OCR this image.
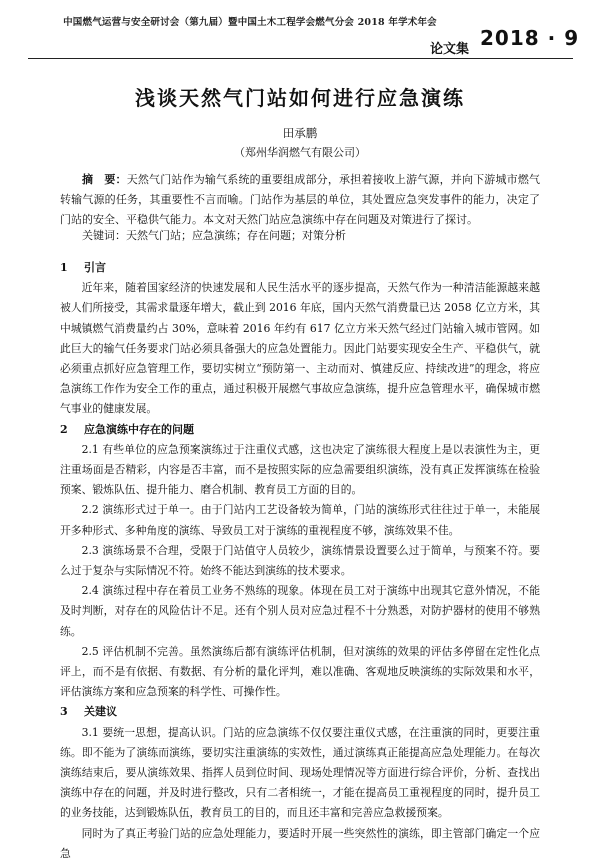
中国燃气运营与安全研讨会（第九届）暨中国土木工程学会燃气分会 2018 年学术年会
2018 · 9
论文集
浅谈天然气门站如何进行应急演练
田承鹏
（郑州华润燃气有限公司）
摘　要：天然气门站作为输气系统的重要组成部分，承担着接收上游气源，并向下游城市燃气转输气源的任务，其重要性不言而喻。门站作为基层的单位，其处置应急突发事件的能力，决定了门站的安全、平稳供气能力。本文对天然门站应急演练中存在问题及对策进行了探讨。
关键词：天然气门站；应急演练；存在问题；对策分析
1 引言

近年来，随着国家经济的快速发展和人民生活水平的逐步提高，天然气作为一种清洁能源越来越被人们所接受，其需求量逐年增大，截止到 2016 年底，国内天然气消费量已达 2058 亿立方米，其中城镇燃气消费量约占 30%，意味着 2016 年约有 617 亿立方米天然气经过门站输入城市管网。如此巨大的输气任务要求门站必须具备强大的应急处置能力。因此门站要实现安全生产、平稳供气，就必须重点抓好应急管理工作，要切实树立“预防第一、主动而对、慎建反应、持续改进”的理念，将应急演练工作作为安全工作的重点，通过积极开展燃气事故应急演练，提升应急管理水平，确保城市燃气事业的健康发展。

2 应急演练中存在的问题

2.1 有些单位的应急预案演练过于注重仪式感，这也决定了演练很大程度上是以表演性为主，更注重场面是否精彩，内容是否丰富，而不是按照实际的应急需要组织演练，没有真正发挥演练在检验预案、锻炼队伍、提升能力、磨合机制、教育员工方面的目的。

2.2 演练形式过于单一。由于门站内工艺设备较为简单，门站的演练形式往往过于单一，未能展开多种形式、多种角度的演练、导致员工对于演练的重视程度不够，演练效果不佳。

2.3 演练场景不合理，受限于门站值守人员较少，演练情景设置要么过于简单，与预案不符。要么过于复杂与实际情况不符。始终不能达到演练的技术要求。

2.4 演练过程中存在着员工业务不熟练的现象。体现在员工对于演练中出现其它意外情况，不能及时判断，对存在的风险估计不足。还有个别人员对应急过程不十分熟悉，对防护器材的使用不够熟练。

2.5 评估机制不完善。虽然演练后都有演练评估机制，但对演练的效果的评估多停留在定性化点评上，而不是有依据、有数据、有分析的量化评判，难以准确、客观地反映演练的实际效果和水平，评估演练方案和应急预案的科学性、可操作性。

3 关建议

3.1 要统一思想，提高认识。门站的应急演练不仅仅要注重仪式感，在注重演的同时，更要注重练。即不能为了演练而演练，要切实注重演练的实效性，通过演练真正能提高应急处理能力。在每次演练结束后，要从演练效果、指挥人员到位时间、现场处理情况等方面进行综合评价，分析、查找出演练中存在的问题，并及时进行整改，只有二者相统一，才能在提高员工重视程度的同时，提升员工的业务技能，达到锻炼队伍，教育员工的目的，而且还丰富和完善应急救援预案。

同时为了真正考验门站的应急处理能力，要适时开展一些突然性的演练，即主管部门确定一个应急
